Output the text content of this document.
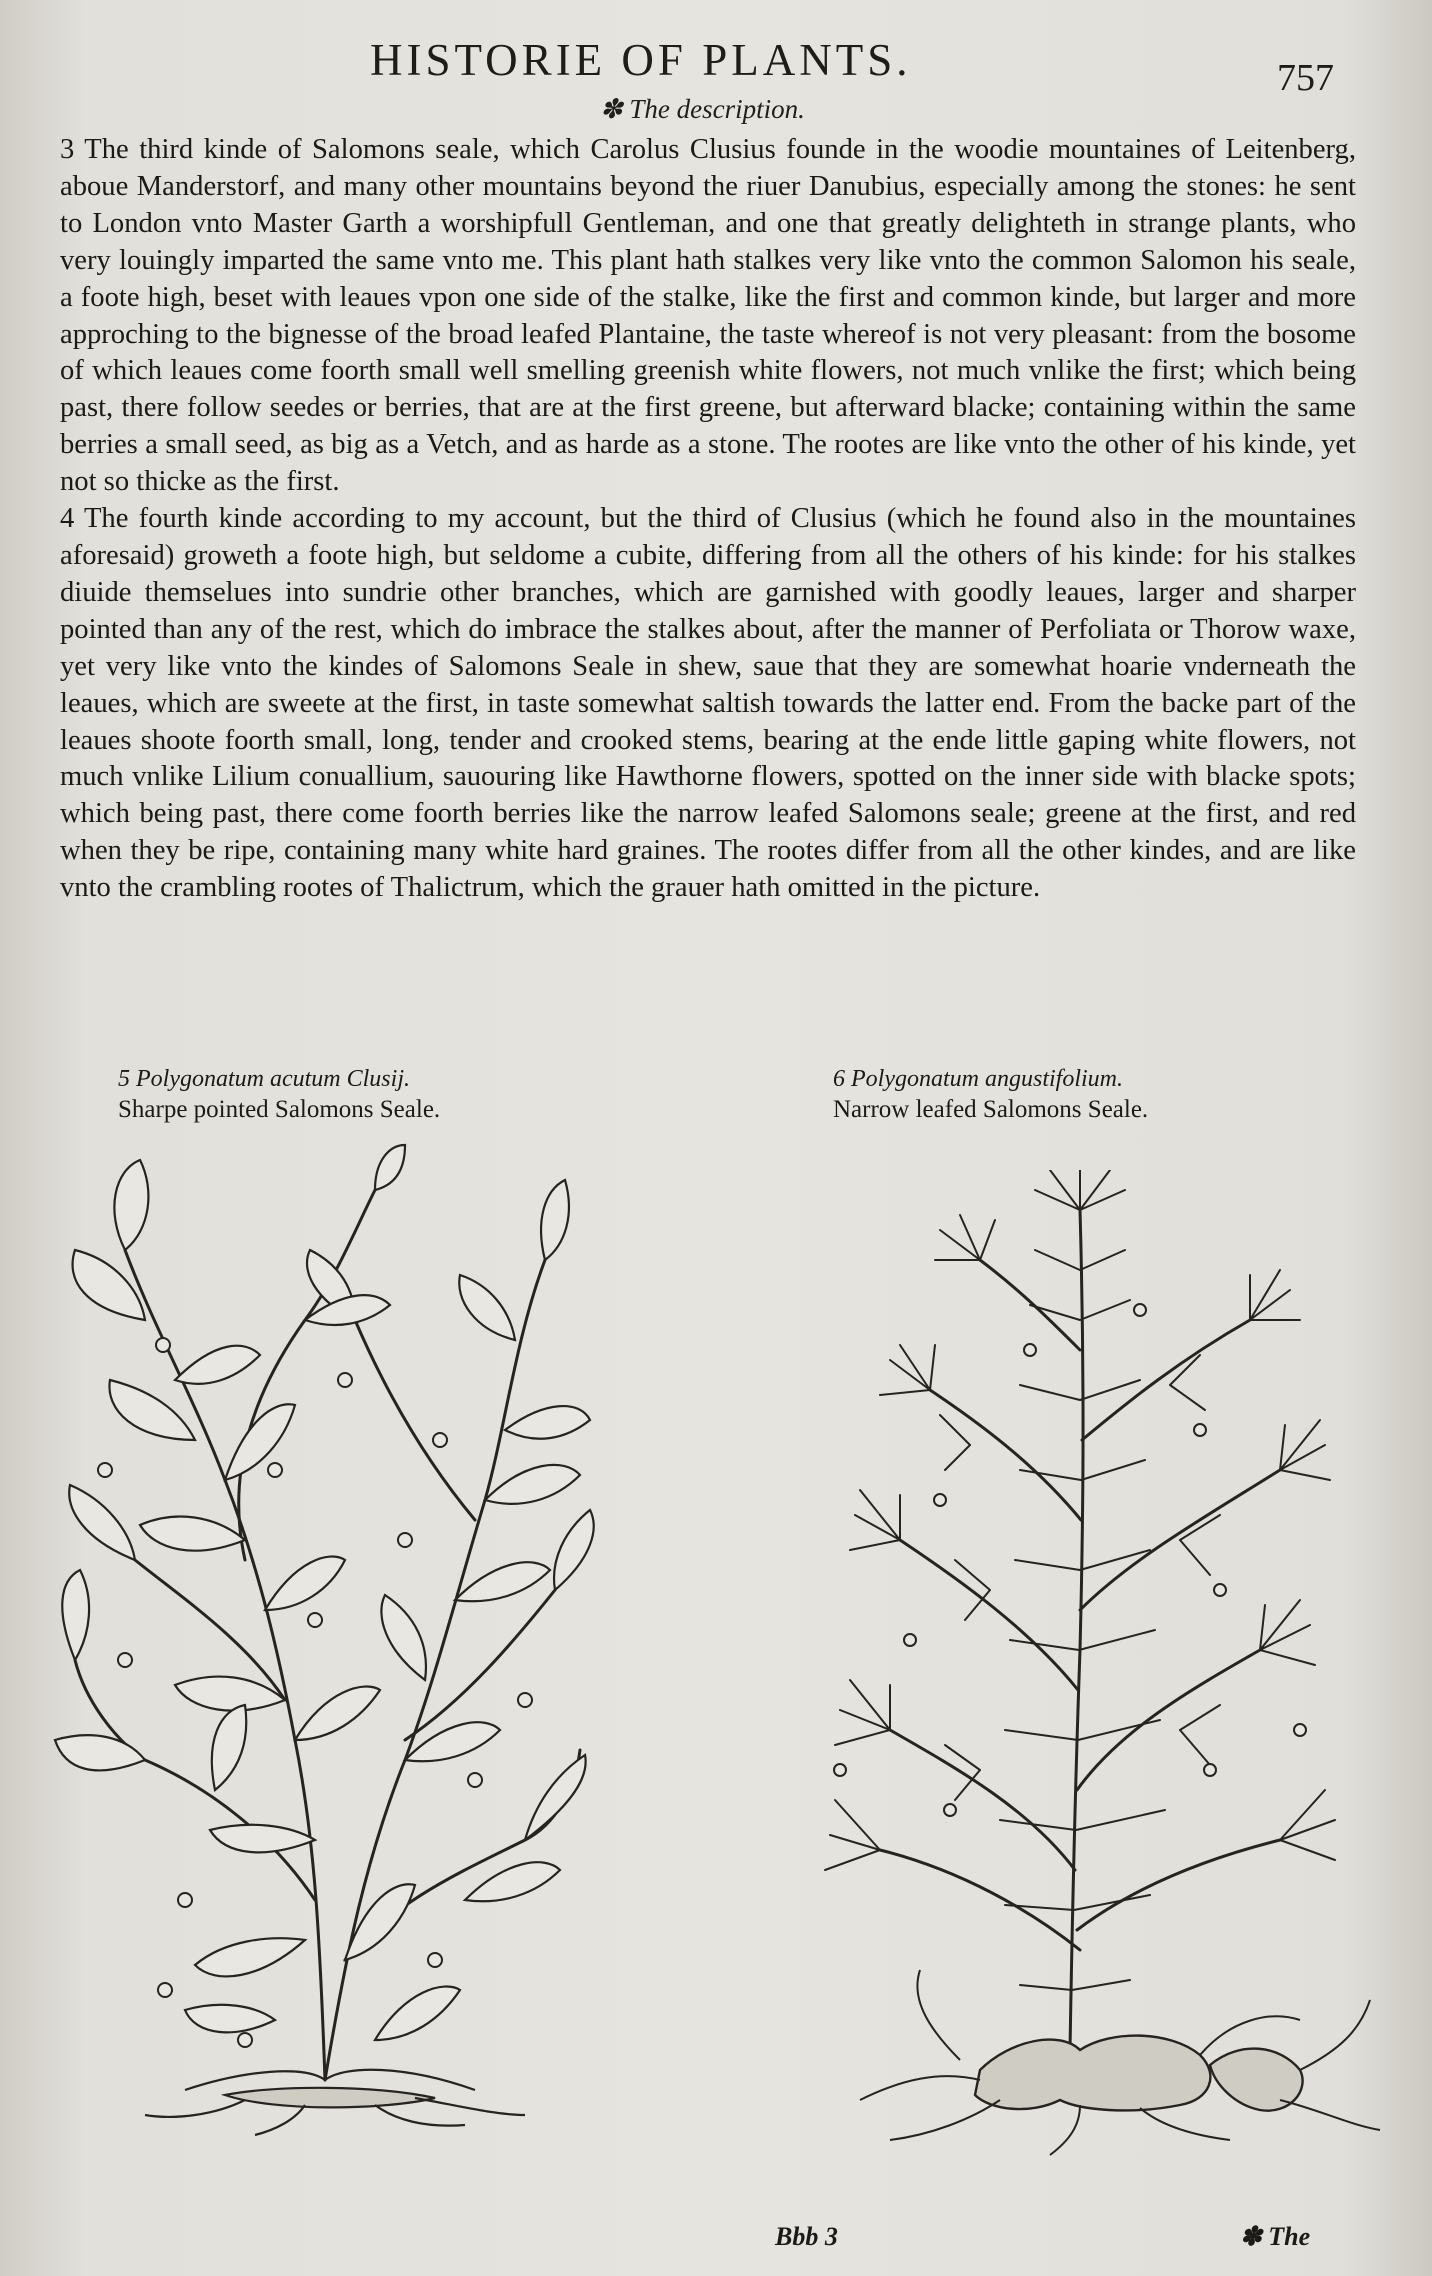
HISTORIE OF PLANTS.	757
✽ The description.

3 The third kinde of Salomons seale, which Carolus Clusius founde in the woodie mountaines of Leitenberg, aboue Manderstorf, and many other mountains beyond the riuer Danubius, especially among the stones: he sent to London vnto Master Garth a worshipfull Gentleman, and one that greatly delighteth in strange plants, who very louingly imparted the same vnto me. This plant hath stalkes very like vnto the common Salomon his seale, a foote high, beset with leaues vpon one side of the stalke, like the first and common kinde, but larger and more approching to the bignesse of the broad leafed Plantaine, the taste whereof is not very pleasant: from the bosome of which leaues come foorth small well smelling greenish white flowers, not much vnlike the first; which being past, there follow seedes or berries, that are at the first greene, but afterward blacke; containing within the same berries a small seed, as big as a Vetch, and as harde as a stone. The rootes are like vnto the other of his kinde, yet not so thicke as the first.

4 The fourth kinde according to my account, but the third of Clusius (which he found also in the mountaines aforesaid) groweth a foote high, but seldome a cubite, differing from all the others of his kinde: for his stalkes diuide themselues into sundrie other branches, which are garnished with goodly leaues, larger and sharper pointed than any of the rest, which do imbrace the stalkes about, after the manner of Perfoliata or Thorow waxe, yet very like vnto the kindes of Salomons Seale in shew, saue that they are somewhat hoarie vnderneath the leaues, which are sweete at the first, in taste somewhat saltish towards the latter end. From the backe part of the leaues shoote foorth small, long, tender and crooked stems, bearing at the ende little gaping white flowers, not much vnlike Lilium conuallium, sauouring like Hawthorne flowers, spotted on the inner side with blacke spots; which being past, there come foorth berries like the narrow leafed Salomons seale; greene at the first, and red when they be ripe, containing many white hard graines. The rootes differ from all the other kindes, and are like vnto the crambling rootes of Thalictrum, which the grauer hath omitted in the picture.

5 Polygonatum acutum Clusij.
Sharpe pointed Salomons Seale.
6 Polygonatum angustifolium.
Narrow leafed Salomons Seale.
Bbb 3	✽ The
